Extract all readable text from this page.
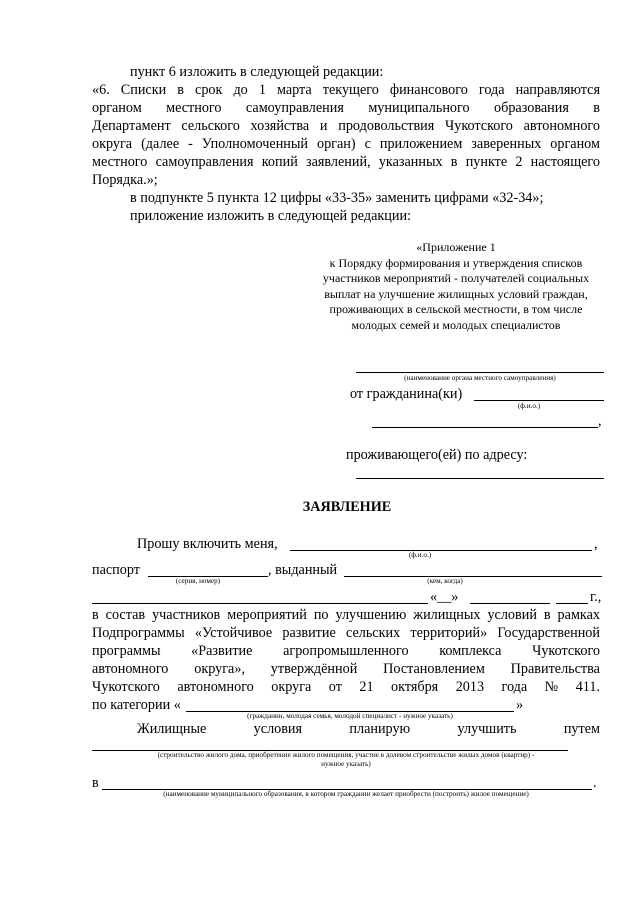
пункт 6 изложить в следующей редакции:
«6. Списки в срок до 1 марта текущего финансового года направляются
органом местного самоуправления муниципального образования в
Департамент сельского хозяйства и продовольствия Чукотского автономного
округа (далее - Уполномоченный орган) с приложением заверенных органом
местного самоуправления копий заявлений, указанных в пункте 2 настоящего
Порядка.»;
в подпункте 5 пункта 12 цифры «33-35» заменить цифрами «32-34»;
приложение изложить в следующей редакции:
«Приложение 1
к Порядку формирования и утверждения списков
участников мероприятий - получателей социальных
выплат на улучшение жилищных условий граждан,
проживающих в сельской местности, в том числе
молодых семей и молодых специалистов
(наименование органа местного самоуправления)
от гражданина(ки)
(ф.и.о.)
,
проживающего(ей) по адресу:
ЗАЯВЛЕНИЕ
Прошу включить меня,	,
(ф.и.о.)
паспорт
(серия, номер)
, выданный
(кем, когда)
«__»	г.,
в состав участников мероприятий по улучшению жилищных условий в рамках
Подпрограммы «Устойчивое развитие сельских территорий» Государственной
программы «Развитие агропромышленного комплекса Чукотского
автономного округа», утверждённой Постановлением Правительства
Чукотского автономного округа от 21 октября 2013 года № 411.
по категории «	»
(гражданин, молодая семья, молодой специалист - нужное указать)
Жилищные	условия	планирую	улучшить	путем
(строительство жилого дома, приобретение жилого помещения, участие в долевом строительстве жилых домов (квартир) -
нужное указать)
в	.
(наименование муниципального образования, в котором гражданин желает приобрести (построить) жилое помещение)
